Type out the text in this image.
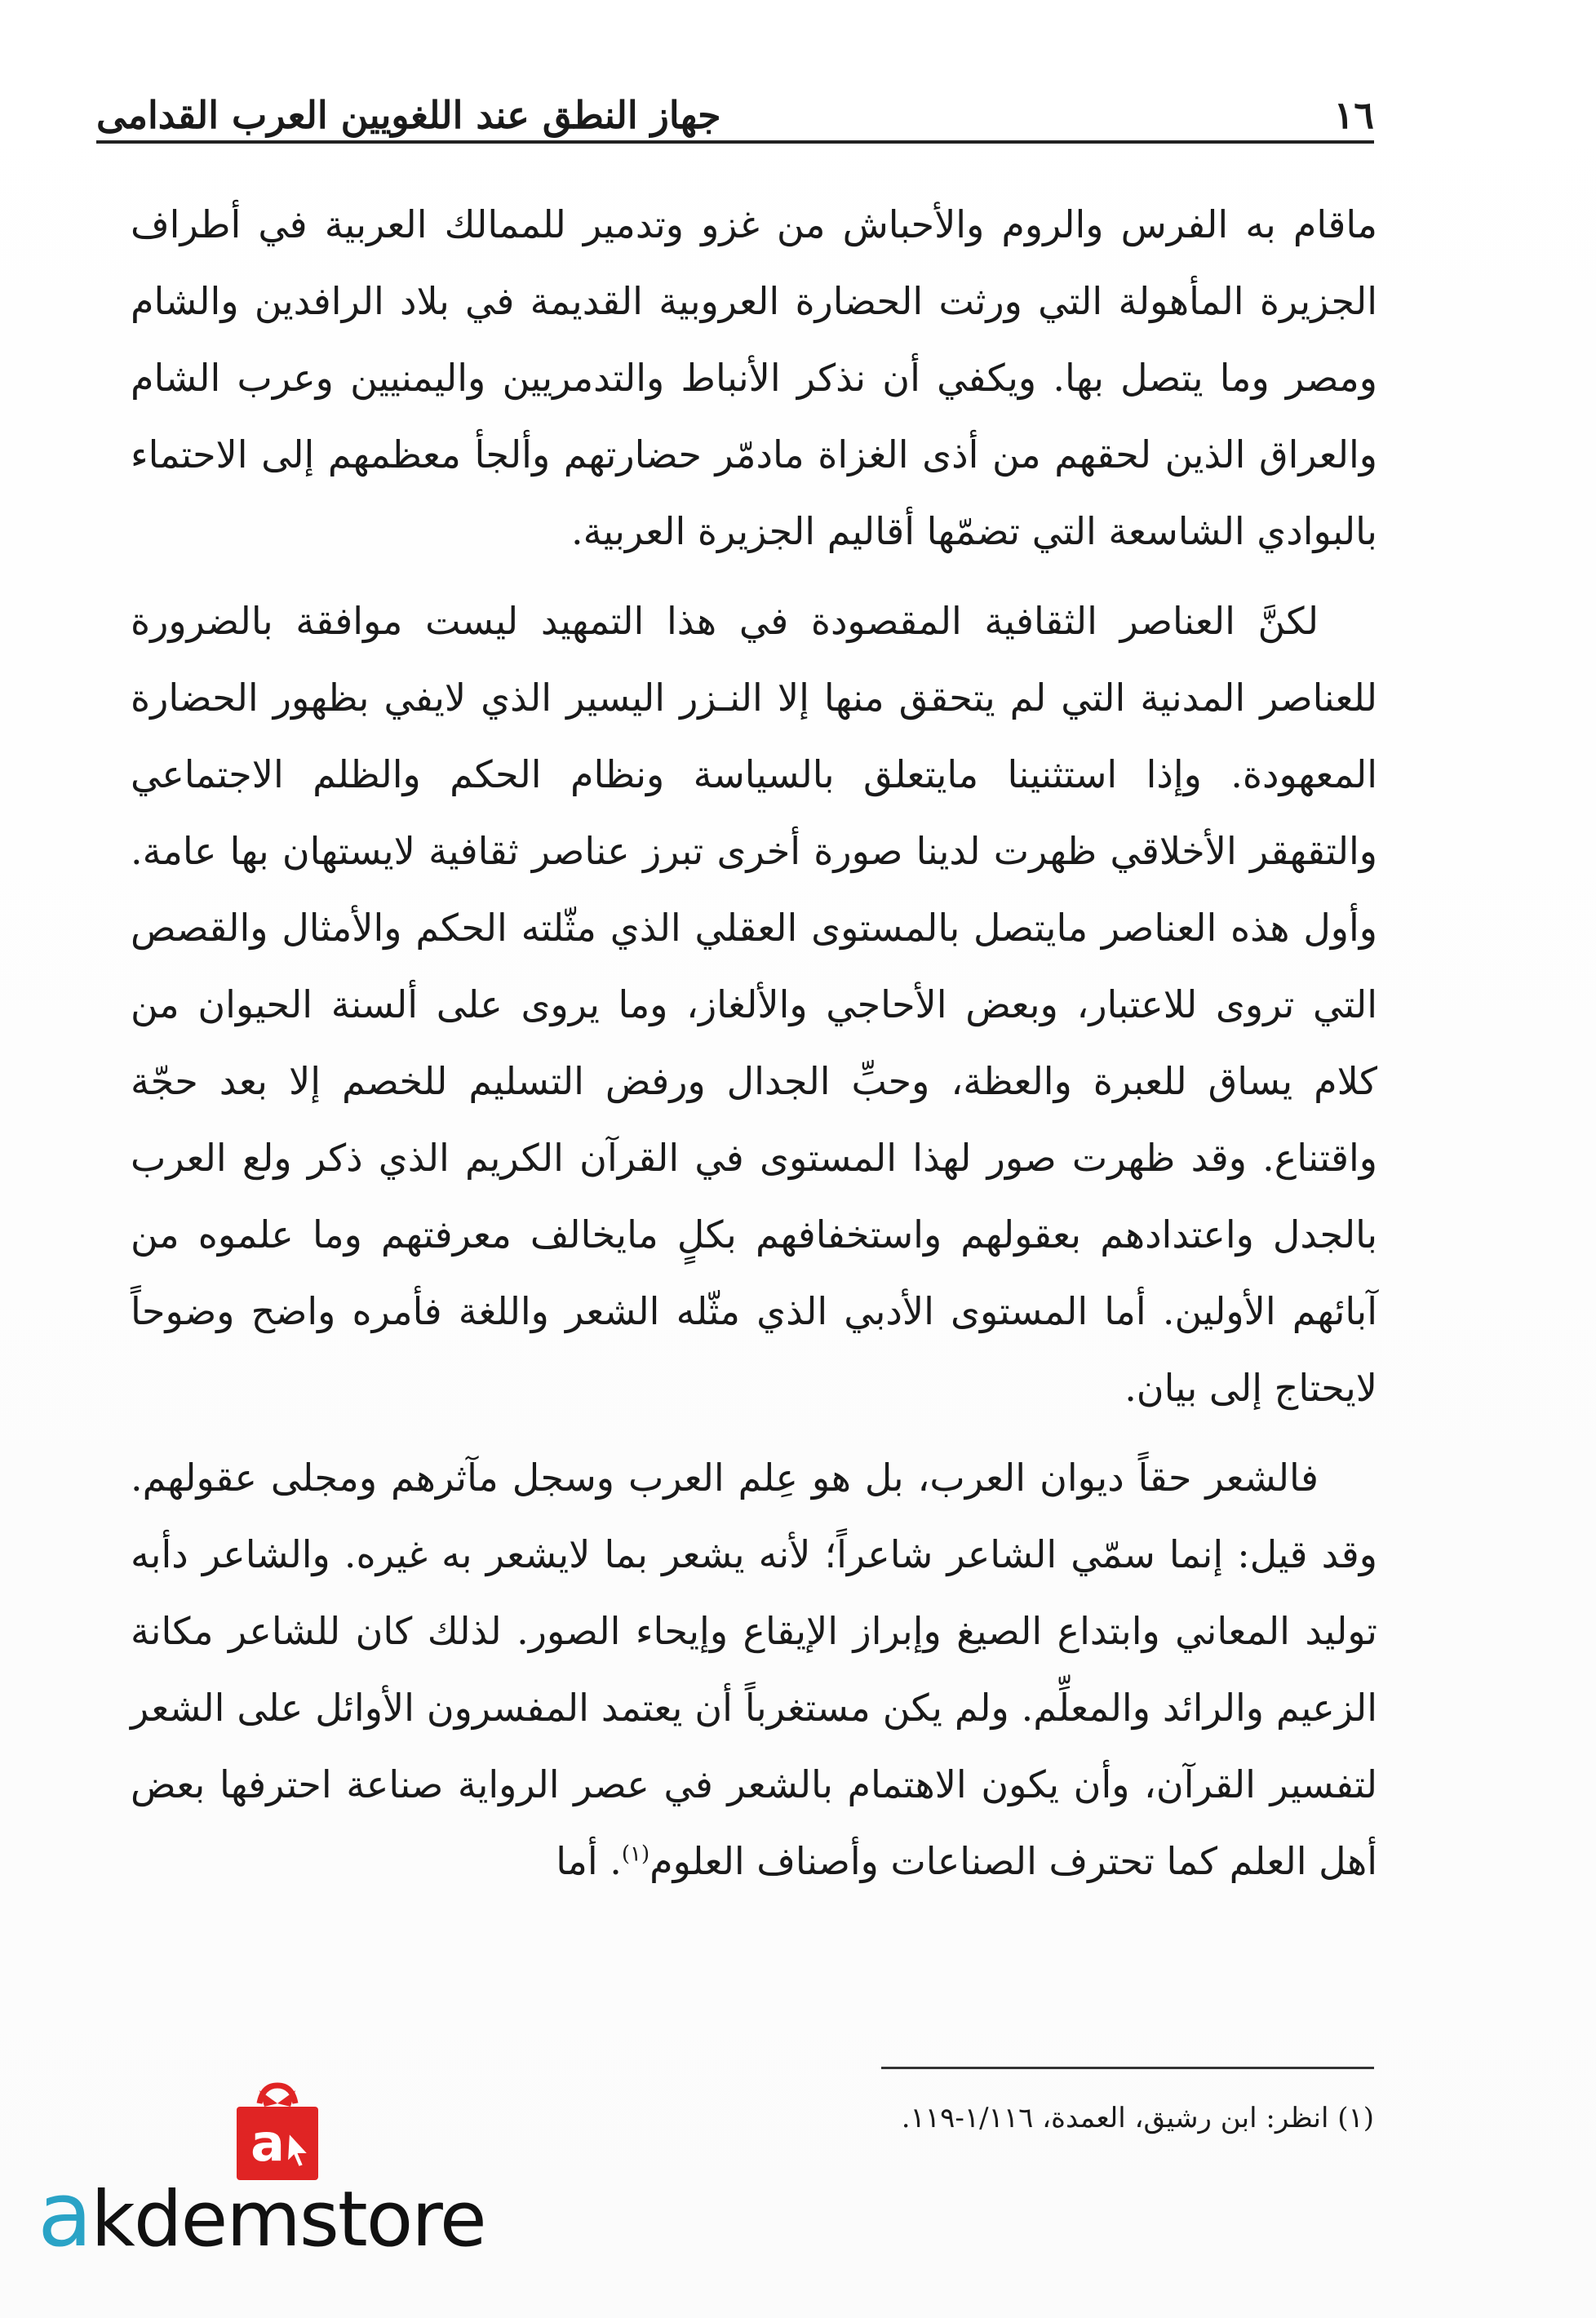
١٦
جهاز النطق عند اللغويين العرب القدامى

ماقام به الفرس والروم والأحباش من غزو وتدمير للممالك العربية في أطراف الجزيرة المأهولة التي ورثت الحضارة العروبية القديمة في بلاد الرافدين والشام ومصر وما يتصل بها. ويكفي أن نذكر الأنباط والتدمريين واليمنيين وعرب الشام والعراق الذين لحقهم من أذى الغزاة مادمّر حضارتهم وألجأ معظمهم إلى الاحتماء بالبوادي الشاسعة التي تضمّها أقاليم الجزيرة العربية.

لكنَّ العناصر الثقافية المقصودة في هذا التمهيد ليست موافقة بالضرورة للعناصر المدنية التي لم يتحقق منها إلا النـزر اليسير الذي لايفي بظهور الحضارة المعهودة. وإذا استثنينا مايتعلق بالسياسة ونظام الحكم والظلم الاجتماعي والتقهقر الأخلاقي ظهرت لدينا صورة أخرى تبرز عناصر ثقافية لايستهان بها عامة. وأول هذه العناصر مايتصل بالمستوى العقلي الذي مثّلته الحكم والأمثال والقصص التي تروى للاعتبار، وبعض الأحاجي والألغاز، وما يروى على ألسنة الحيوان من كلام يساق للعبرة والعظة، وحبِّ الجدال ورفض التسليم للخصم إلا بعد حجّة واقتناع. وقد ظهرت صور لهذا المستوى في القرآن الكريم الذي ذكر ولع العرب بالجدل واعتدادهم بعقولهم واستخفافهم بكلٍ مايخالف معرفتهم وما علموه من آبائهم الأولين. أما المستوى الأدبي الذي مثّله الشعر واللغة فأمره واضح وضوحاً لايحتاج إلى بيان.

فالشعر حقاً ديوان العرب، بل هو عِلم العرب وسجل مآثرهم ومجلى عقولهم. وقد قيل: إنما سمّي الشاعر شاعراً؛ لأنه يشعر بما لايشعر به غيره. والشاعر دأبه توليد المعاني وابتداع الصيغ وإبراز الإيقاع وإيحاء الصور. لذلك كان للشاعر مكانة الزعيم والرائد والمعلِّم. ولم يكن مستغرباً أن يعتمد المفسرون الأوائل على الشعر لتفسير القرآن، وأن يكون الاهتمام بالشعر في عصر الرواية صناعة احترفها بعض أهل العلم كما تحترف الصناعات وأصناف العلوم$^{(١)}$. أما

(١) انظر: ابن رشيق، العمدة، ١/١١٦-١١٩.
a
akdemstore
